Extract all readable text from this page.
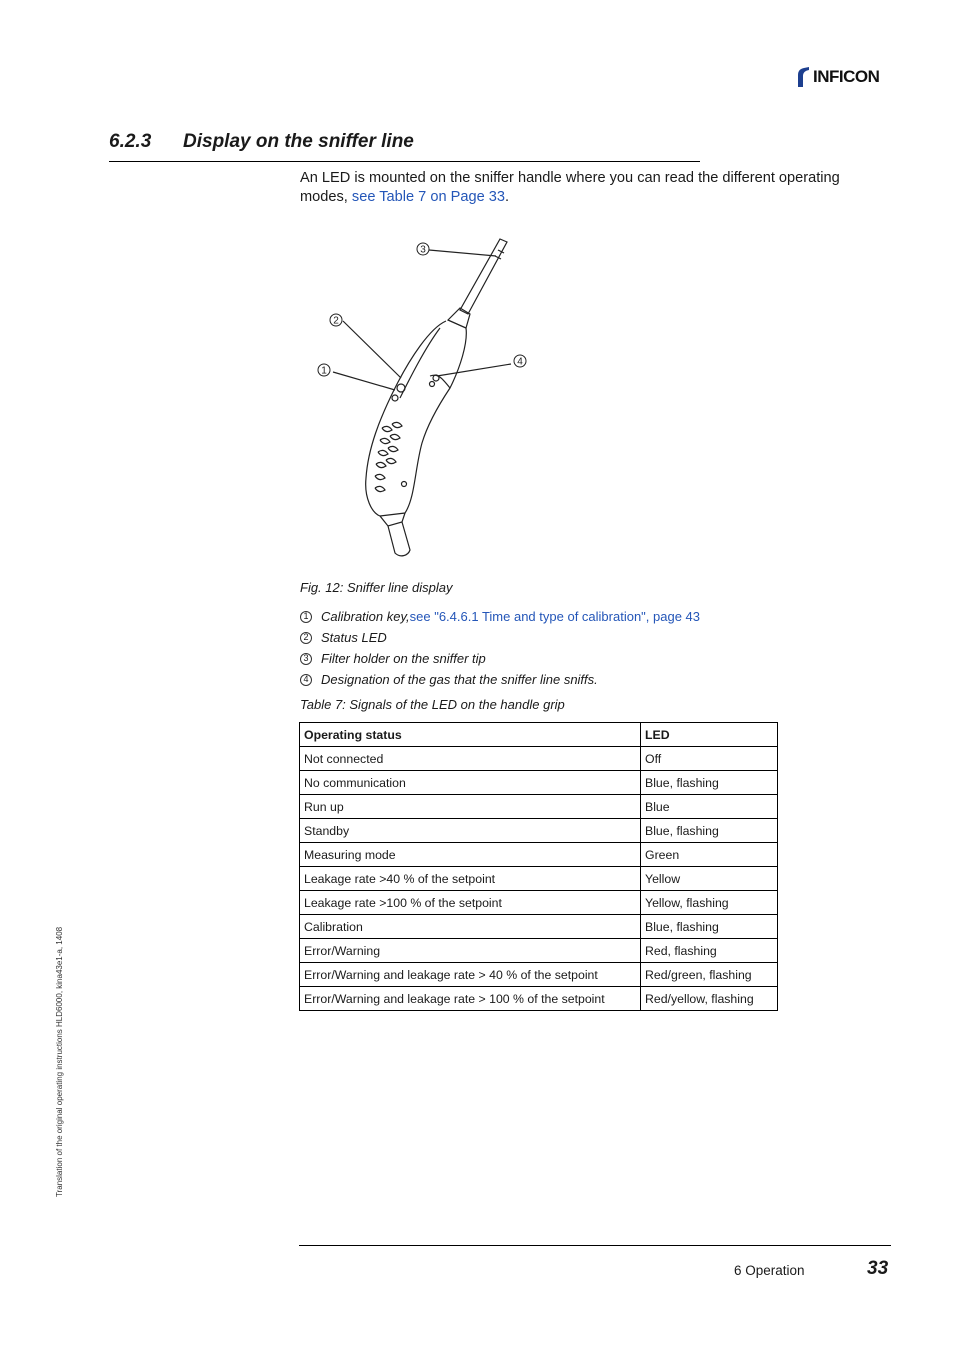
INFICON
6.2.3 Display on the sniffer line
An LED is mounted on the sniffer handle where you can read the different operating modes, see Table 7 on Page 33.
3
2
1
4
Fig. 12: Sniffer line display
1 Calibration key, see "6.4.6.1 Time and type of calibration", page 43
2 Status LED
3 Filter holder on the sniffer tip
4 Designation of the gas that the sniffer line sniffs.
Table 7: Signals of the LED on the handle grip
Operating status	LED
Not connected	Off
No communication	Blue, flashing
Run up	Blue
Standby	Blue, flashing
Measuring mode	Green
Leakage rate >40 % of the setpoint	Yellow
Leakage rate >100 % of the setpoint	Yellow, flashing
Calibration	Blue, flashing
Error/Warning	Red, flashing
Error/Warning and leakage rate > 40 % of the setpoint	Red/green, flashing
Error/Warning and leakage rate > 100 % of the setpoint	Red/yellow, flashing
Translation of the original operating instructions HLD6000, kina43e1-a, 1408
6 Operation	33
